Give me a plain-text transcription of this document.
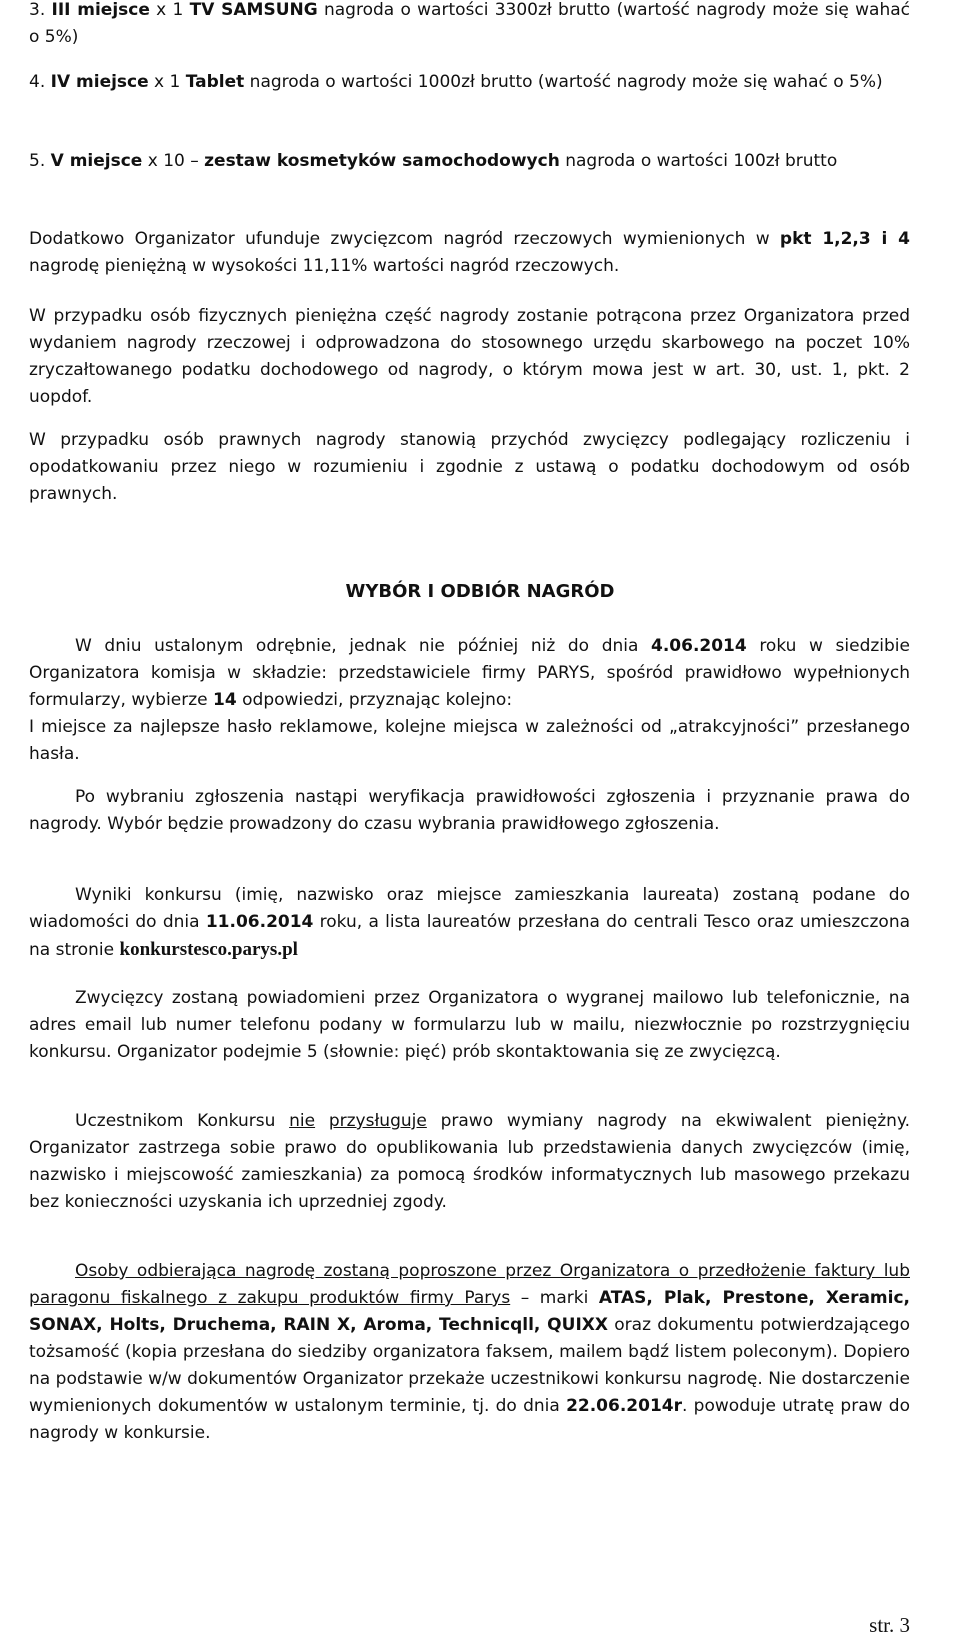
3. III miejsce x 1 TV SAMSUNG nagroda o wartości 3300zł brutto (wartość nagrody może się wahać o 5%)

4. IV miejsce x 1 Tablet nagroda o wartości 1000zł brutto (wartość nagrody może się wahać o 5%)

5. V miejsce x 10 – zestaw kosmetyków samochodowych nagroda o wartości 100zł brutto

Dodatkowo Organizator ufunduje zwycięzcom nagród rzeczowych wymienionych w pkt 1,2,3 i 4 nagrodę pieniężną w wysokości 11,11% wartości nagród rzeczowych.

W przypadku osób fizycznych pieniężna część nagrody zostanie potrącona przez Organizatora przed wydaniem nagrody rzeczowej i odprowadzona do stosownego urzędu skarbowego na poczet 10% zryczałtowanego podatku dochodowego od nagrody, o którym mowa jest w art. 30, ust. 1, pkt. 2 uopdof.

W przypadku osób prawnych nagrody stanowią przychód zwycięzcy podlegający rozliczeniu i opodatkowaniu przez niego w rozumieniu i zgodnie z ustawą o podatku dochodowym od osób prawnych.

WYBÓR I ODBIÓR NAGRÓD

W dniu ustalonym odrębnie, jednak nie później niż do dnia 4.06.2014 roku w siedzibie Organizatora komisja w składzie: przedstawiciele firmy PARYS, spośród prawidłowo wypełnionych formularzy, wybierze 14 odpowiedzi, przyznając kolejno:
I miejsce za najlepsze hasło reklamowe, kolejne miejsca w zależności od „atrakcyjności” przesłanego hasła.

Po wybraniu zgłoszenia nastąpi weryfikacja prawidłowości zgłoszenia i przyznanie prawa do nagrody. Wybór będzie prowadzony do czasu wybrania prawidłowego zgłoszenia.

Wyniki konkursu (imię, nazwisko oraz miejsce zamieszkania laureata) zostaną podane do wiadomości do dnia 11.06.2014 roku, a lista laureatów przesłana do centrali Tesco oraz umieszczona na stronie konkurstesco.parys.pl

Zwycięzcy zostaną powiadomieni przez Organizatora o wygranej mailowo lub telefonicznie, na adres email lub numer telefonu podany w formularzu lub w mailu, niezwłocznie po rozstrzygnięciu konkursu. Organizator podejmie 5 (słownie: pięć) prób skontaktowania się ze zwycięzcą.

Uczestnikom Konkursu nie przysługuje prawo wymiany nagrody na ekwiwalent pieniężny. Organizator zastrzega sobie prawo do opublikowania lub przedstawienia danych zwycięzców (imię, nazwisko i miejscowość zamieszkania) za pomocą środków informatycznych lub masowego przekazu bez konieczności uzyskania ich uprzedniej zgody.

Osoby odbierająca nagrodę zostaną poproszone przez Organizatora o przedłożenie faktury lub paragonu fiskalnego z zakupu produktów firmy Parys – marki ATAS, Plak, Prestone, Xeramic, SONAX, Holts, Druchema, RAIN X, Aroma, Technicqll, QUIXX oraz dokumentu potwierdzającego tożsamość (kopia przesłana do siedziby organizatora faksem, mailem bądź listem poleconym). Dopiero na podstawie w/w dokumentów Organizator przekaże uczestnikowi konkursu nagrodę. Nie dostarczenie wymienionych dokumentów w ustalonym terminie, tj. do dnia 22.06.2014r. powoduje utratę praw do nagrody w konkursie.

str. 3
